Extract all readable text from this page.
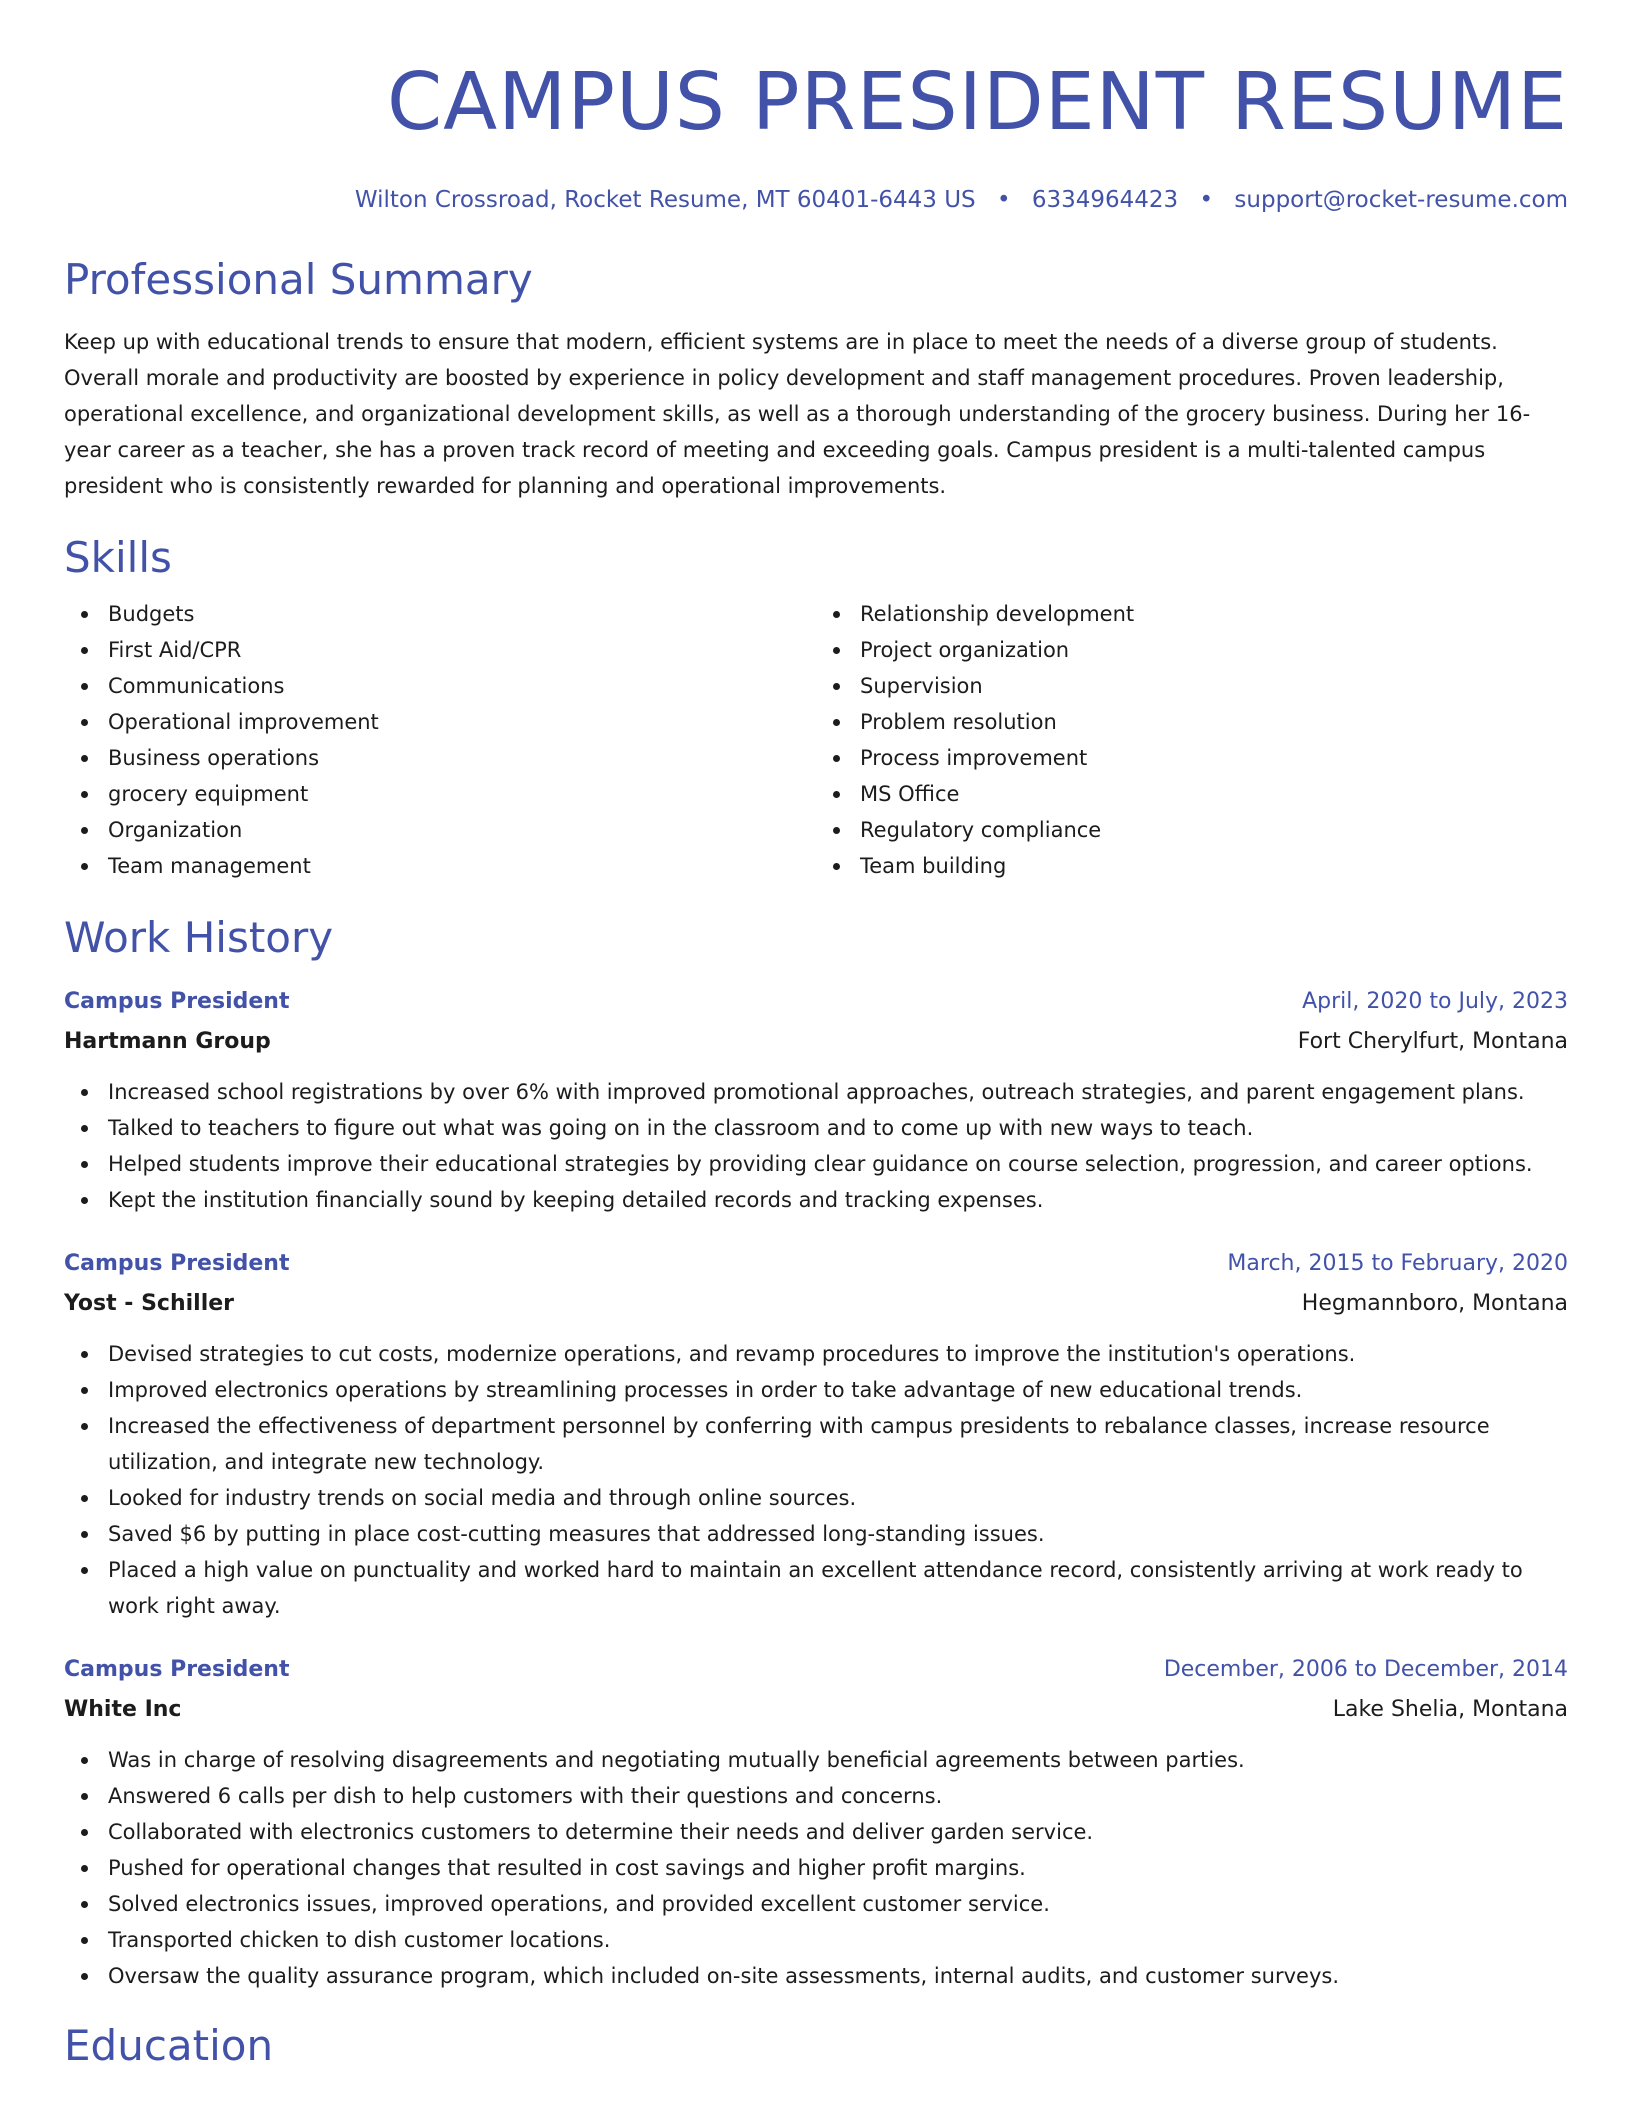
CAMPUS PRESIDENT RESUME
Wilton Crossroad, Rocket Resume, MT 60401-6443 US • 6334964423 • support@rocket-resume.com
Professional Summary

Keep up with educational trends to ensure that modern, efficient systems are in place to meet the needs of a diverse group of students. Overall morale and productivity are boosted by experience in policy development and staff management procedures. Proven leadership, operational excellence, and organizational development skills, as well as a thorough understanding of the grocery business. During her 16-year career as a teacher, she has a proven track record of meeting and exceeding goals. Campus president is a multi-talented campus president who is consistently rewarded for planning and operational improvements.

Skills
Budgets
First Aid/CPR
Communications
Operational improvement
Business operations
grocery equipment
Organization
Team management
Relationship development
Project organization
Supervision
Problem resolution
Process improvement
MS Office
Regulatory compliance
Team building
Work History
Campus President	April, 2020 to July, 2023
Hartmann Group	Fort Cherylfurt, Montana
Increased school registrations by over 6% with improved promotional approaches, outreach strategies, and parent engagement plans.
Talked to teachers to figure out what was going on in the classroom and to come up with new ways to teach.
Helped students improve their educational strategies by providing clear guidance on course selection, progression, and career options.
Kept the institution financially sound by keeping detailed records and tracking expenses.
Campus President	March, 2015 to February, 2020
Yost - Schiller	Hegmannboro, Montana
Devised strategies to cut costs, modernize operations, and revamp procedures to improve the institution's operations.
Improved electronics operations by streamlining processes in order to take advantage of new educational trends.
Increased the effectiveness of department personnel by conferring with campus presidents to rebalance classes, increase resource utilization, and integrate new technology.
Looked for industry trends on social media and through online sources.
Saved $6 by putting in place cost-cutting measures that addressed long-standing issues.
Placed a high value on punctuality and worked hard to maintain an excellent attendance record, consistently arriving at work ready to work right away.
Campus President	December, 2006 to December, 2014
White Inc	Lake Shelia, Montana
Was in charge of resolving disagreements and negotiating mutually beneficial agreements between parties.
Answered 6 calls per dish to help customers with their questions and concerns.
Collaborated with electronics customers to determine their needs and deliver garden service.
Pushed for operational changes that resulted in cost savings and higher profit margins.
Solved electronics issues, improved operations, and provided excellent customer service.
Transported chicken to dish customer locations.
Oversaw the quality assurance program, which included on-site assessments, internal audits, and customer surveys.
Education
